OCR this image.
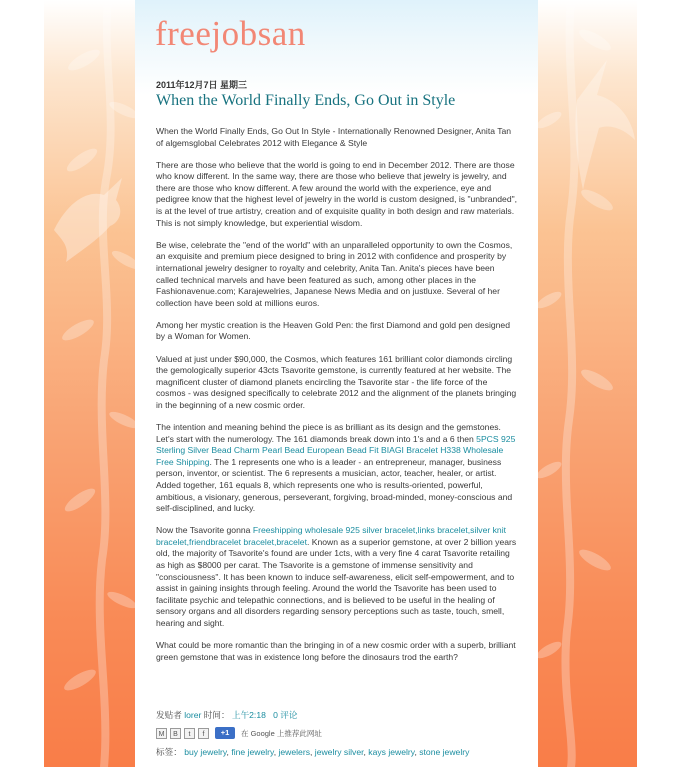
freejobsan
2011年12月7日 星期三
When the World Finally Ends, Go Out in Style

When the World Finally Ends, Go Out In Style - Internationally Renowned Designer, Anita Tan of algemsglobal Celebrates 2012 with Elegance & Style

There are those who believe that the world is going to end in December 2012. There are those who know different. In the same way, there are those who believe that jewelry is jewelry, and there are those who know different. A few around the world with the experience, eye and pedigree know that the highest level of jewelry in the world is custom designed, is "unbranded", is at the level of true artistry, creation and of exquisite quality in both design and raw materials. This is not simply knowledge, but experiential wisdom.

Be wise, celebrate the "end of the world" with an unparalleled opportunity to own the Cosmos, an exquisite and premium piece designed to bring in 2012 with confidence and prosperity by international jewelry designer to royalty and celebrity, Anita Tan. Anita's pieces have been called technical marvels and have been featured as such, among other places in the Fashionavenue.com; Karajewelries, Japanese News Media and on justluxe. Several of her collection have been sold at millions euros.

Among her mystic creation is the Heaven Gold Pen: the first Diamond and gold pen designed by a Woman for Women.

Valued at just under $90,000, the Cosmos, which features 161 brilliant color diamonds circling the gemologically superior 43cts Tsavorite gemstone, is currently featured at her website. The magnificent cluster of diamond planets encircling the Tsavorite star - the life force of the cosmos - was designed specifically to celebrate 2012 and the alignment of the planets bringing in the beginning of a new cosmic order.

The intention and meaning behind the piece is as brilliant as its design and the gemstones. Let's start with the numerology. The 161 diamonds break down into 1's and a 6 then 5PCS 925 Sterling Silver Bead Charm Pearl Bead European Bead Fit BIAGI Bracelet H338 Wholesale Free Shipping. The 1 represents one who is a leader - an entrepreneur, manager, business person, inventor, or scientist. The 6 represents a musician, actor, teacher, healer, or artist. Added together, 161 equals 8, which represents one who is results-oriented, powerful, ambitious, a visionary, generous, perseverant, forgiving, broad-minded, money-conscious and self-disciplined, and lucky.

Now the Tsavorite gonna Freeshipping wholesale 925 silver bracelet,links bracelet,silver knit bracelet,friendbracelet bracelet,bracelet. Known as a superior gemstone, at over 2 billion years old, the majority of Tsavorite's found are under 1cts, with a very fine 4 carat Tsavorite retailing as high as $8000 per carat. The Tsavorite is a gemstone of immense sensitivity and "consciousness". It has been known to induce self-awareness, elicit self-empowerment, and to assist in gaining insights through feeling. Around the world the Tsavorite has been used to facilitate psychic and telepathic connections, and is believed to be useful in the healing of sensory organs and all disorders regarding sensory perceptions such as taste, touch, smell, hearing and sight.

What could be more romantic than the bringing in of a new cosmic order with a superb, brilliant green gemstone that was in existence long before the dinosaurs trod the earth?

发贴者 lorer 时间： 上午2:18 0 评论
M	B	t	f	+1	在 Google 上推荐此网址
标签： buy jewelry, fine jewelry, jewelers, jewelry silver, kays jewelry, stone jewelry
